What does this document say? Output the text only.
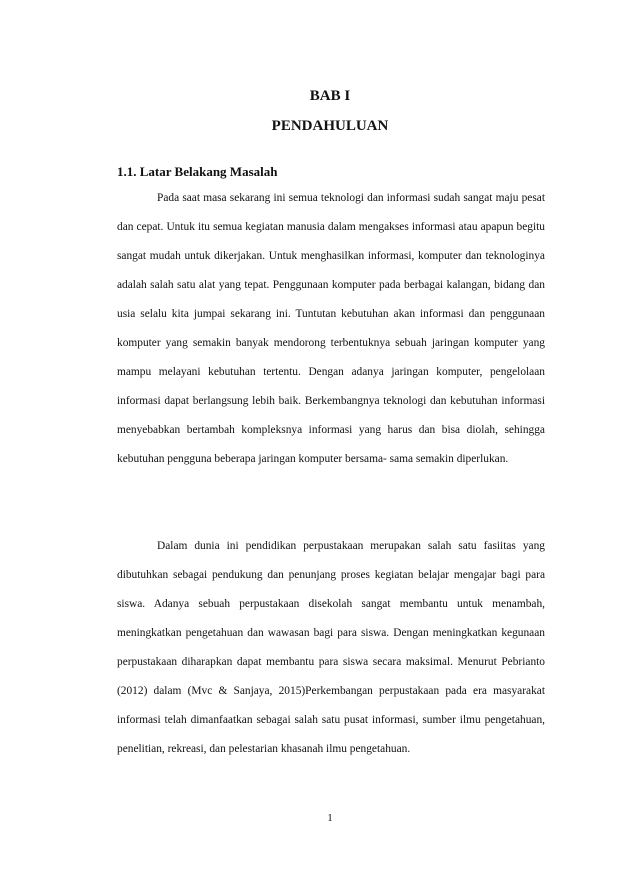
BAB I
PENDAHULUAN
1.1. Latar Belakang Masalah

Pada saat masa sekarang ini semua teknologi dan informasi sudah sangat maju pesat dan cepat. Untuk itu semua kegiatan manusia dalam mengakses informasi atau apapun begitu sangat mudah untuk dikerjakan. Untuk menghasilkan informasi, komputer dan teknologinya adalah salah satu alat yang tepat. Penggunaan komputer pada berbagai kalangan, bidang dan usia selalu kita jumpai sekarang ini. Tuntutan kebutuhan akan informasi dan penggunaan komputer yang semakin banyak mendorong terbentuknya sebuah jaringan komputer yang mampu melayani kebutuhan tertentu. Dengan adanya jaringan komputer, pengelolaan informasi dapat berlangsung lebih baik. Berkembangnya teknologi dan kebutuhan informasi menyebabkan bertambah kompleksnya informasi yang harus dan bisa diolah, sehingga kebutuhan pengguna beberapa jaringan komputer bersama- sama semakin diperlukan.

Dalam dunia ini pendidikan perpustakaan merupakan salah satu fasiitas yang dibutuhkan sebagai pendukung dan penunjang proses kegiatan belajar mengajar bagi para siswa. Adanya sebuah perpustakaan disekolah sangat membantu untuk menambah, meningkatkan pengetahuan dan wawasan bagi para siswa. Dengan meningkatkan kegunaan perpustakaan diharapkan dapat membantu para siswa secara maksimal. Menurut Pebrianto (2012) dalam (Mvc & Sanjaya, 2015)Perkembangan perpustakaan pada era masyarakat informasi telah dimanfaatkan sebagai salah satu pusat informasi, sumber ilmu pengetahuan, penelitian, rekreasi, dan pelestarian khasanah ilmu pengetahuan.

1
